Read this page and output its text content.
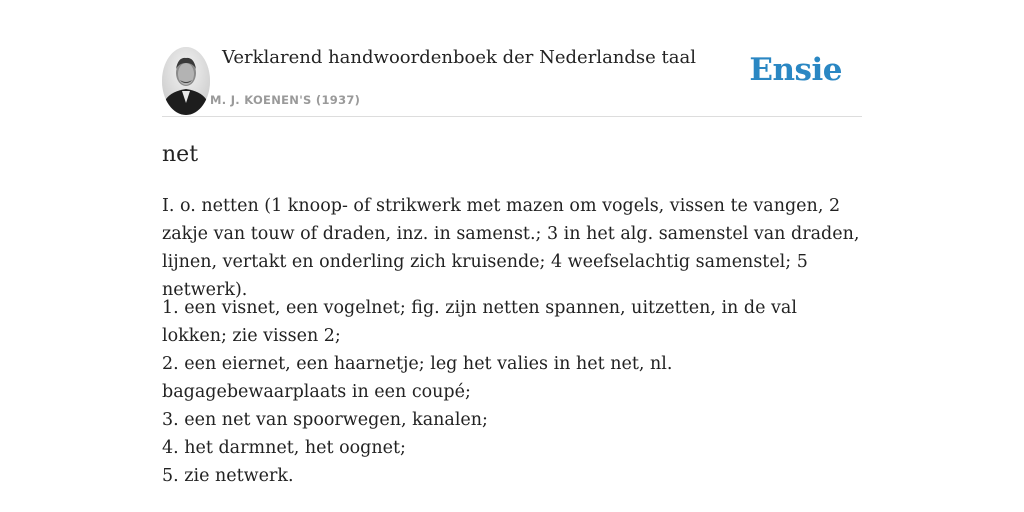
Verklarend handwoordenboek der Nederlandse taal
M. J. KOENEN'S (1937)
Ensie
net

I. o. netten (1 knoop- of strikwerk met mazen om vogels, vissen te vangen, 2 zakje van touw of draden, inz. in samenst.; 3 in het alg. samenstel van draden, lijnen, vertakt en onderling zich kruisende; 4 weefselachtig samenstel; 5 netwerk).

1. een visnet, een vogelnet; fig. zijn netten spannen, uitzetten, in de val lokken; zie vissen 2;
2. een eiernet, een haarnetje; leg het valies in het net, nl. bagagebewaarplaats in een coupé;
3. een net van spoorwegen, kanalen;
4. het darmnet, het oognet;
5. zie netwerk.
